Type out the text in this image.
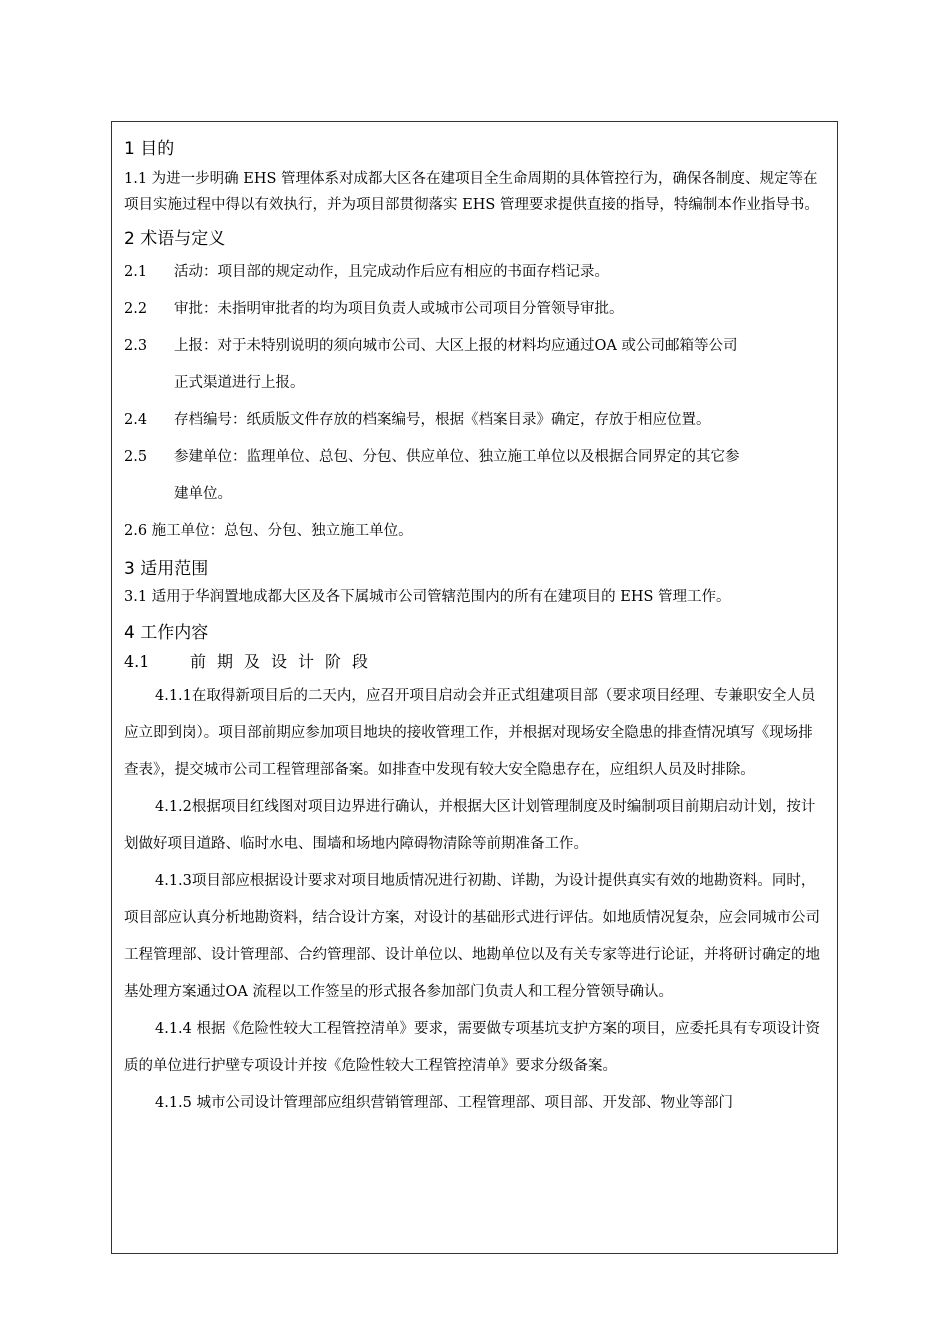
1 目的

1.1 为进一步明确 EHS 管理体系对成都大区各在建项目全生命周期的具体管控行为，确保各制度、规定等在项目实施过程中得以有效执行，并为项目部贯彻落实 EHS 管理要求提供直接的指导，特编制本作业指导书。

2 术语与定义

2.1	活动：项目部的规定动作，且完成动作后应有相应的书面存档记录。
2.2	审批：未指明审批者的均为项目负责人或城市公司项目分管领导审批。
2.3	上报：对于未特别说明的须向城市公司、大区上报的材料均应通过OA 或公司邮箱等公司

正式渠道进行上报。

2.4	存档编号：纸质版文件存放的档案编号，根据《档案目录》确定，存放于相应位置。
2.5	参建单位：监理单位、总包、分包、供应单位、独立施工单位以及根据合同界定的其它参

建单位。

2.6 施工单位：总包、分包、独立施工单位。

3 适用范围

3.1 适用于华润置地成都大区及各下属城市公司管辖范围内的所有在建项目的 EHS 管理工作。

4 工作内容

4.1	前期及设计阶段

4.1.1在取得新项目后的二天内，应召开项目启动会并正式组建项目部（要求项目经理、专兼职安全人员应立即到岗）。项目部前期应参加项目地块的接收管理工作，并根据对现场安全隐患的排查情况填写《现场排查表》，提交城市公司工程管理部备案。如排查中发现有较大安全隐患存在，应组织人员及时排除。

4.1.2根据项目红线图对项目边界进行确认，并根据大区计划管理制度及时编制项目前期启动计划，按计划做好项目道路、临时水电、围墙和场地内障碍物清除等前期准备工作。

4.1.3项目部应根据设计要求对项目地质情况进行初勘、详勘，为设计提供真实有效的地勘资料。同时，项目部应认真分析地勘资料，结合设计方案，对设计的基础形式进行评估。如地质情况复杂，应会同城市公司工程管理部、设计管理部、合约管理部、设计单位以、地勘单位以及有关专家等进行论证，并将研讨确定的地基处理方案通过OA 流程以工作签呈的形式报各参加部门负责人和工程分管领导确认。

4.1.4 根据《危险性较大工程管控清单》要求，需要做专项基坑支护方案的项目，应委托具有专项设计资质的单位进行护壁专项设计并按《危险性较大工程管控清单》要求分级备案。

4.1.5 城市公司设计管理部应组织营销管理部、工程管理部、项目部、开发部、物业等部门
